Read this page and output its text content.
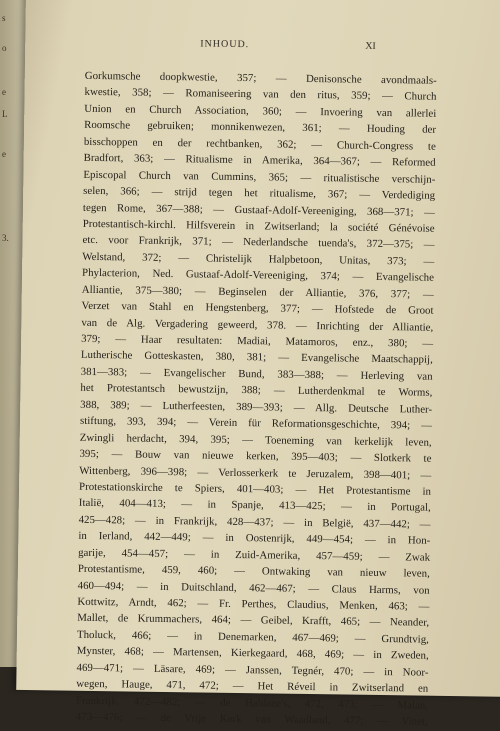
s
o
e
L
e
3.
INHOUD.	XI
Gorkumsche doopkwestie, 357; — Denisonsche avondmaals-
kwestie, 358; — Romaniseering van den ritus, 359; — Church
Union en Church Association, 360; — Invoering van allerlei
Roomsche gebruiken; monnikenwezen, 361; — Houding der
bisschoppen en der rechtbanken, 362; — Church-Congress te
Bradfort, 363; — Ritualisme in Amerika, 364—367; — Reformed
Episcopal Church van Cummins, 365; — ritualistische verschijn-
selen, 366; — strijd tegen het ritualisme, 367; — Verdediging
tegen Rome, 367—388; — Gustaaf-Adolf-Vereeniging, 368—371; —
Protestantisch-kirchl. Hilfsverein in Zwitserland; la société Génévoise
etc. voor Frankrijk, 371; — Nederlandsche tuenda's, 372—375; —
Welstand, 372; — Christelijk Halpbetoon, Unitas, 373; —
Phylacterion, Ned. Gustaaf-Adolf-Vereeniging, 374; — Evangelische
Alliantie, 375—380; — Beginselen der Alliantie, 376, 377; —
Verzet van Stahl en Hengstenberg, 377; — Hofstede de Groot
van de Alg. Vergadering geweerd, 378. — Inrichting der Alliantie,
379; — Haar resultaten: Madiai, Matamoros, enz., 380; —
Lutherische Gotteskasten, 380, 381; — Evangelische Maatschappij,
381—383; — Evangelischer Bund, 383—388; — Herleving van
het Protestantsch bewustzijn, 388; — Lutherdenkmal te Worms,
388, 389; — Lutherfeesten, 389—393; — Allg. Deutsche Luther-
stiftung, 393, 394; — Verein für Reformationsgeschichte, 394; —
Zwingli herdacht, 394, 395; — Toeneming van kerkelijk leven,
395; — Bouw van nieuwe kerken, 395—403; — Slotkerk te
Wittenberg, 396—398; — Verlosserkerk te Jeruzalem, 398—401; —
Protestationskirche te Spiers, 401—403; — Het Protestantisme in
Italië, 404—413; — in Spanje, 413—425; — in Portugal,
425—428; — in Frankrijk, 428—437; — in België, 437—442; —
in Ierland, 442—449; — in Oostenrijk, 449—454; — in Hon-
garije, 454—457; — in Zuid-Amerika, 457—459; — Zwak
Protestantisme, 459, 460; — Ontwaking van nieuw leven,
460—494; — in Duitschland, 462—467; — Claus Harms, von
Kottwitz, Arndt, 462; — Fr. Perthes, Claudius, Menken, 463; —
Mallet, de Krummachers, 464; — Geibel, Krafft, 465; — Neander,
Tholuck, 466; — in Denemarken, 467—469; — Grundtvig,
Mynster, 468; — Martensen, Kierkegaard, 468, 469; — in Zweden,
469—471; — Läsare, 469; — Janssen, Tegnér, 470; — in Noor-
wegen, Hauge, 471, 472; — Het Réveil in Zwitserland en
Frankrijk, 472—482; — de Haldane's, 472, 473; — Malan,
473—476; — de Vrije Kerk van Waadland, 477; — Vinet,
